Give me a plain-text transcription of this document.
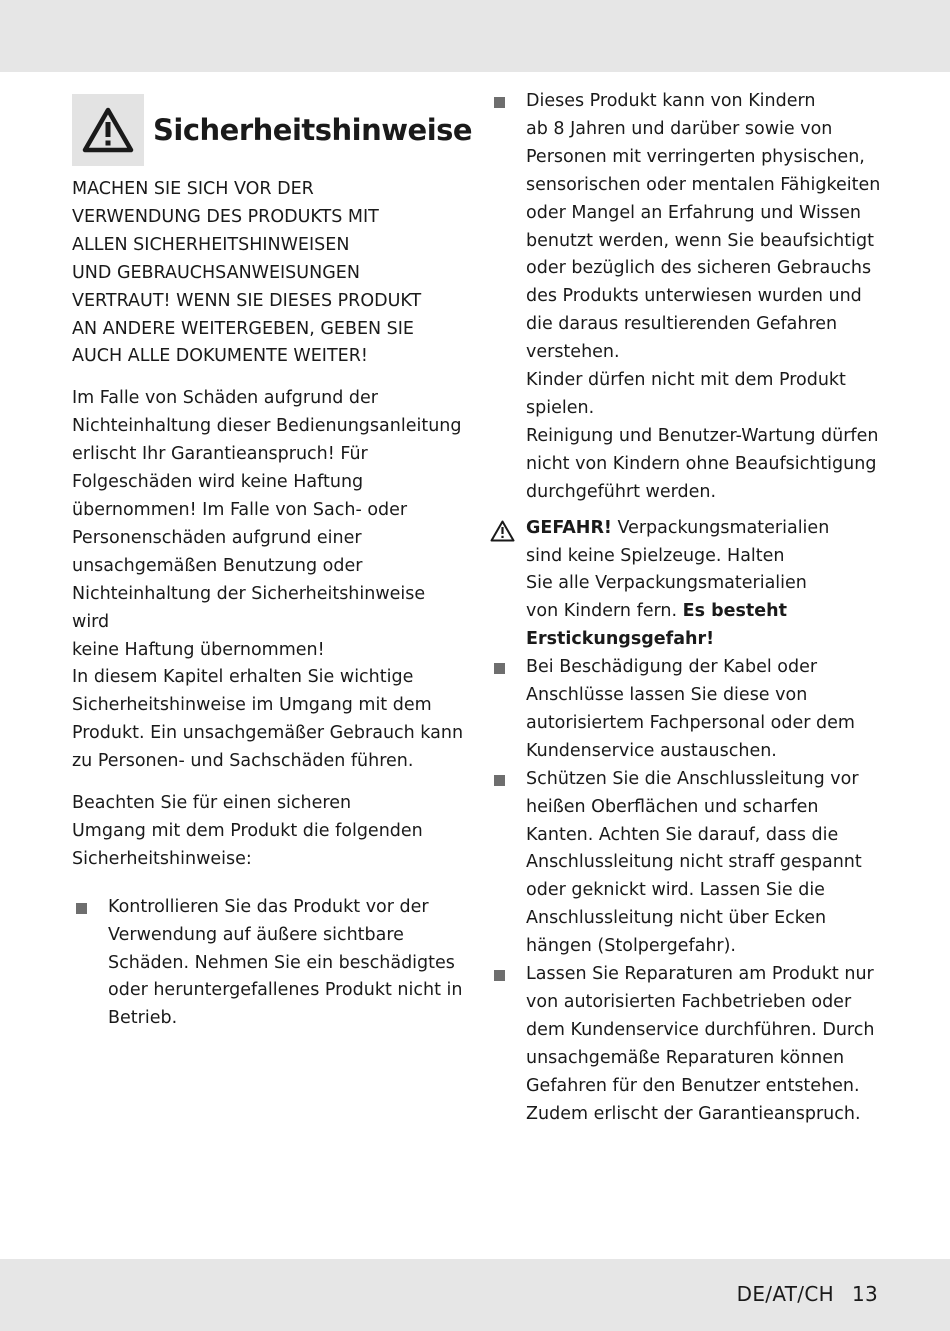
Sicherheitshinweise

MACHEN SIE SICH VOR DER
VERWENDUNG DES PRODUKTS MIT
ALLEN SICHERHEITSHINWEISEN
UND GEBRAUCHSANWEISUNGEN
VERTRAUT! WENN SIE DIESES PRODUKT
AN ANDERE WEITERGEBEN, GEBEN SIE
AUCH ALLE DOKUMENTE WEITER!

Im Falle von Schäden aufgrund der
Nichteinhaltung dieser Bedienungsanleitung
erlischt Ihr Garantieanspruch! Für
Folgeschäden wird keine Haftung
übernommen! Im Falle von Sach- oder
Personenschäden aufgrund einer
unsachgemäßen Benutzung oder
Nichteinhaltung der Sicherheitshinweise wird
keine Haftung übernommen!
In diesem Kapitel erhalten Sie wichtige
Sicherheitshinweise im Umgang mit dem
Produkt. Ein unsachgemäßer Gebrauch kann
zu Personen- und Sachschäden führen.

Beachten Sie für einen sicheren
Umgang mit dem Produkt die folgenden
Sicherheitshinweise:

Kontrollieren Sie das Produkt vor der
Verwendung auf äußere sichtbare
Schäden. Nehmen Sie ein beschädigtes
oder heruntergefallenes Produkt nicht in
Betrieb.
Dieses Produkt kann von Kindern
ab 8 Jahren und darüber sowie von
Personen mit verringerten physischen,
sensorischen oder mentalen Fähigkeiten
oder Mangel an Erfahrung und Wissen
benutzt werden, wenn Sie beaufsichtigt
oder bezüglich des sicheren Gebrauchs
des Produkts unterwiesen wurden und
die daraus resultierenden Gefahren
verstehen.
Kinder dürfen nicht mit dem Produkt
spielen.
Reinigung und Benutzer-Wartung dürfen
nicht von Kindern ohne Beaufsichtigung
durchgeführt werden.
GEFAHR! Verpackungsmaterialien
sind keine Spielzeuge. Halten
Sie alle Verpackungsmaterialien
von Kindern fern. Es besteht
Erstickungsgefahr!
Bei Beschädigung der Kabel oder
Anschlüsse lassen Sie diese von
autorisiertem Fachpersonal oder dem
Kundenservice austauschen.
Schützen Sie die Anschlussleitung vor
heißen Oberflächen und scharfen
Kanten. Achten Sie darauf, dass die
Anschlussleitung nicht straff gespannt
oder geknickt wird. Lassen Sie die
Anschlussleitung nicht über Ecken
hängen (Stolpergefahr).
Lassen Sie Reparaturen am Produkt nur
von autorisierten Fachbetrieben oder
dem Kundenservice durchführen. Durch
unsachgemäße Reparaturen können
Gefahren für den Benutzer entstehen.
Zudem erlischt der Garantieanspruch.
DE/AT/CH 13
